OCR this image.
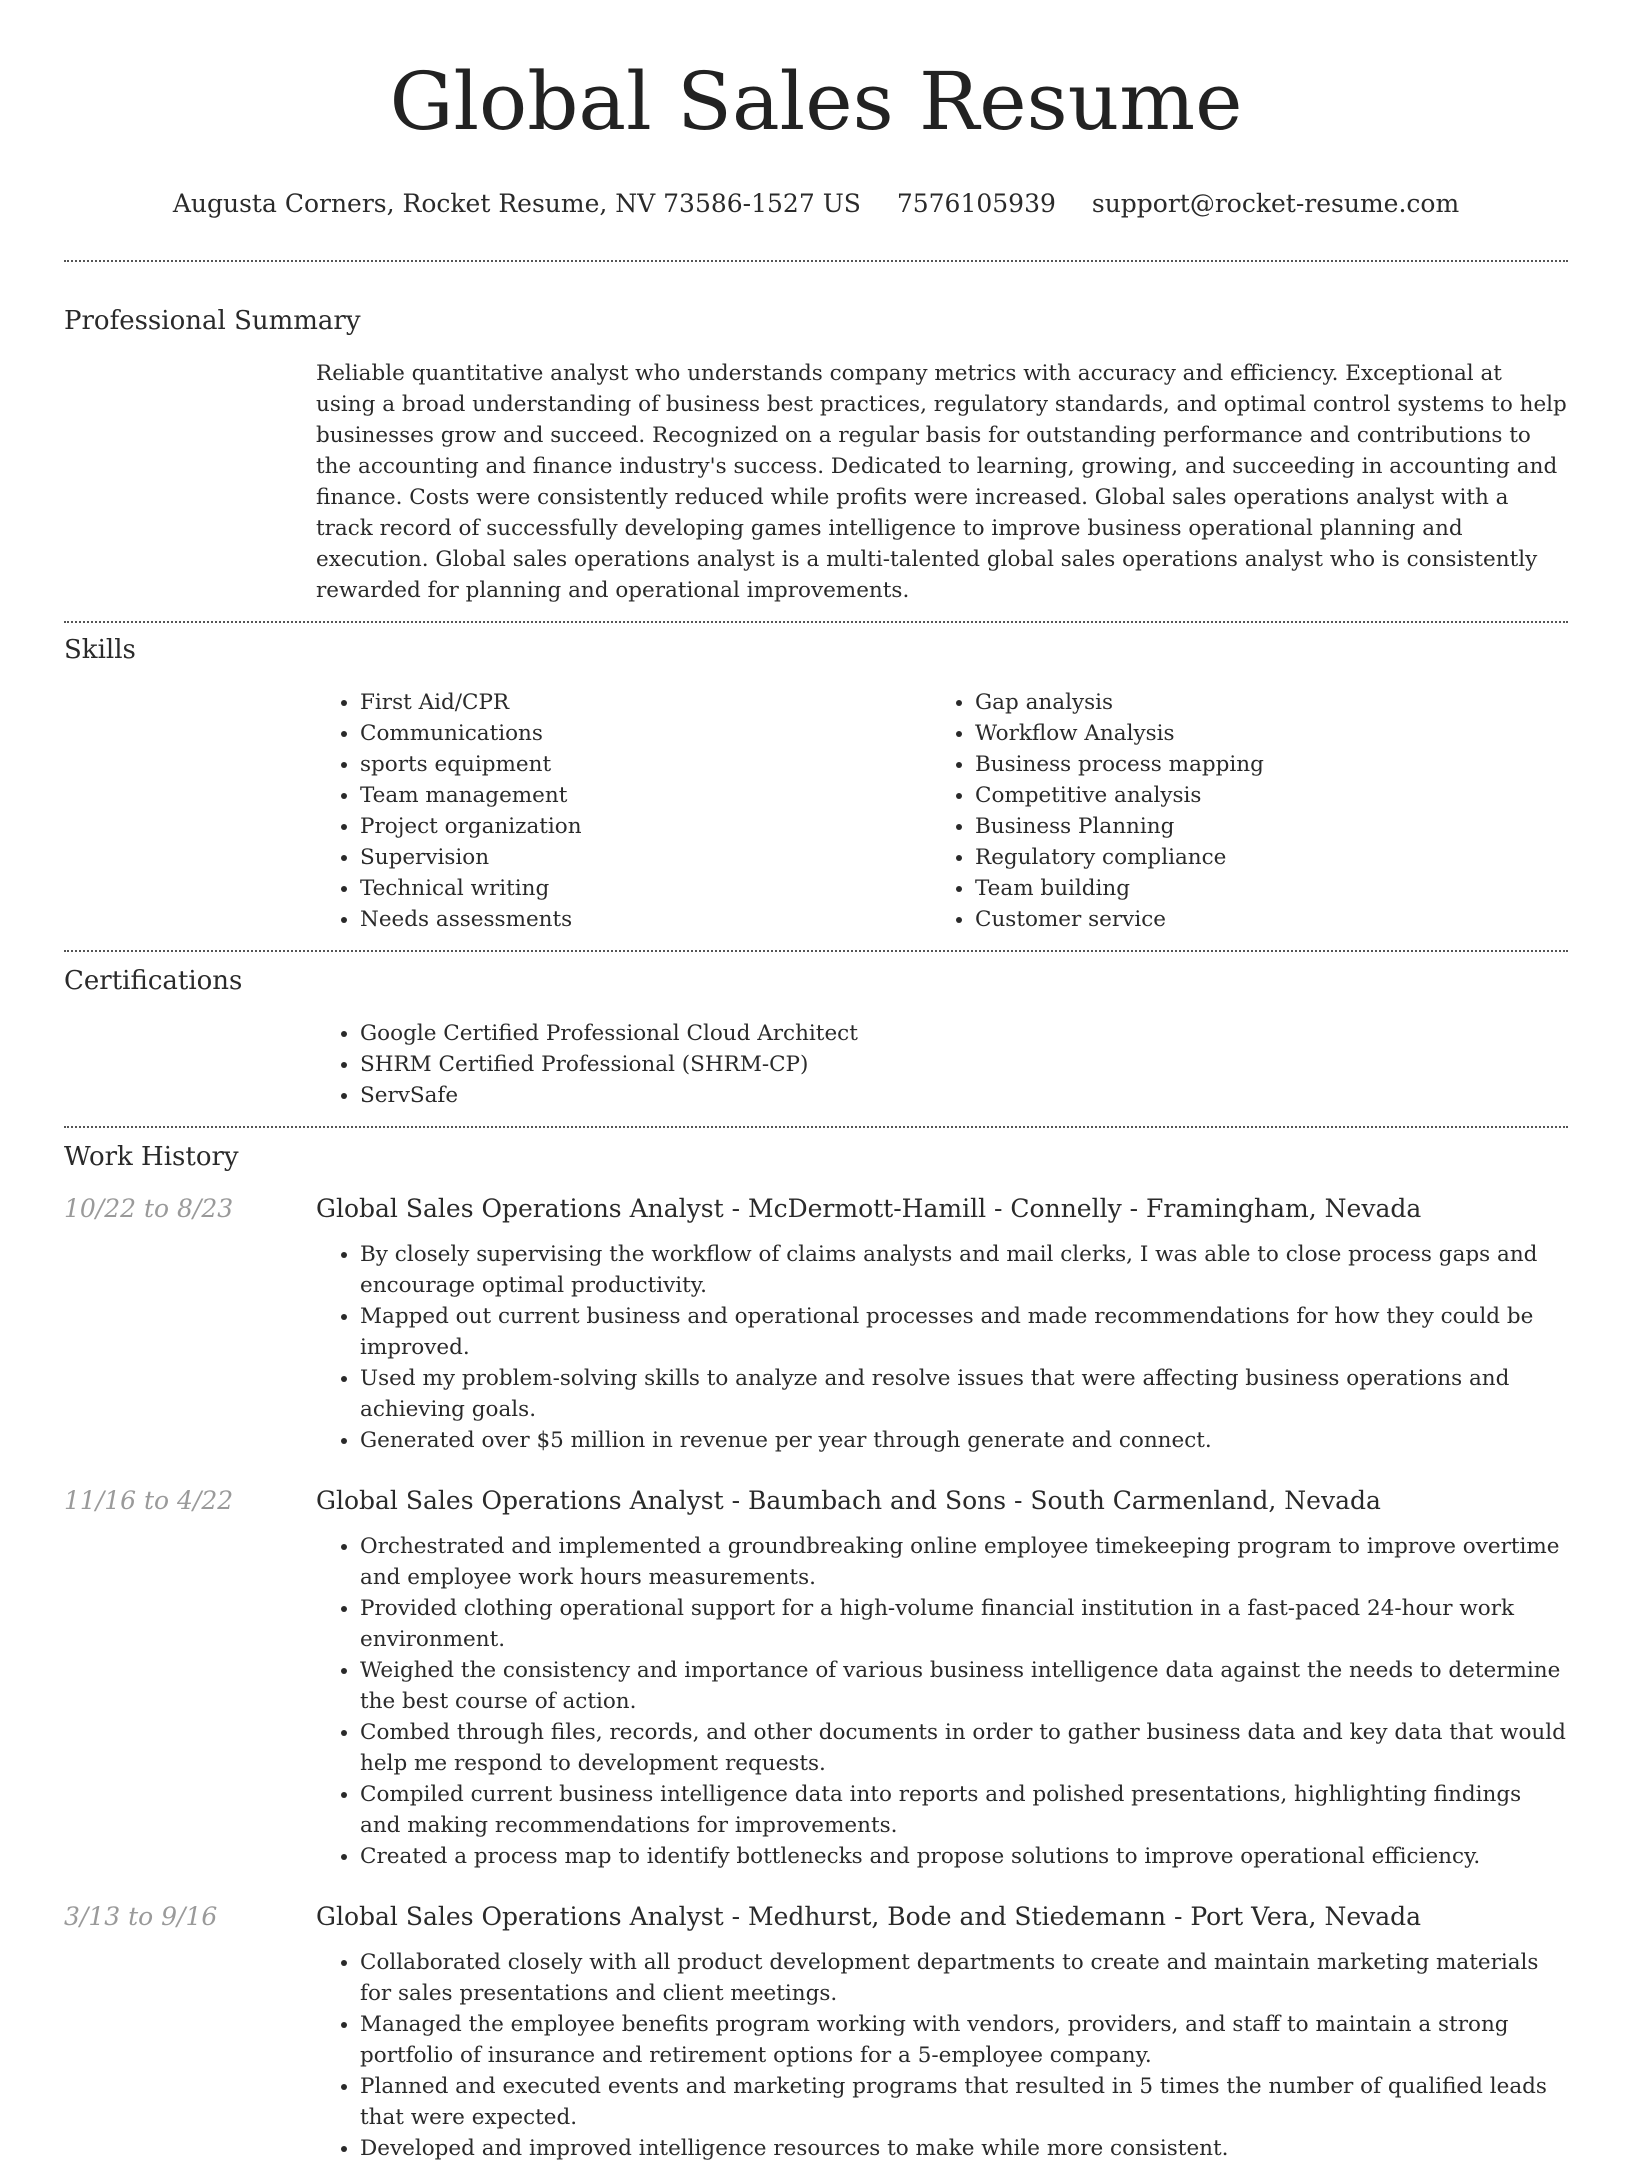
Global Sales Resume
Augusta Corners, Rocket Resume, NV 73586-1527 US 7576105939 support@rocket-resume.com
Professional Summary
Reliable quantitative analyst who understands company metrics with accuracy and efficiency. Exceptional at using a broad understanding of business best practices, regulatory standards, and optimal control systems to help businesses grow and succeed. Recognized on a regular basis for outstanding performance and contributions to the accounting and finance industry's success. Dedicated to learning, growing, and succeeding in accounting and finance. Costs were consistently reduced while profits were increased. Global sales operations analyst with a track record of successfully developing games intelligence to improve business operational planning and execution. Global sales operations analyst is a multi-talented global sales operations analyst who is consistently rewarded for planning and operational improvements.
Skills
• First Aid/CPR
• Communications
• sports equipment
• Team management
• Project organization
• Supervision
• Technical writing
• Needs assessments
• Gap analysis
• Workflow Analysis
• Business process mapping
• Competitive analysis
• Business Planning
• Regulatory compliance
• Team building
• Customer service
Certifications
• Google Certified Professional Cloud Architect
• SHRM Certified Professional (SHRM-CP)
• ServSafe
Work History
10/22 to 8/23	Global Sales Operations Analyst - McDermott-Hamill - Connelly - Framingham, Nevada
• By closely supervising the workflow of claims analysts and mail clerks, I was able to close process gaps and encourage optimal productivity.
• Mapped out current business and operational processes and made recommendations for how they could be improved.
• Used my problem-solving skills to analyze and resolve issues that were affecting business operations and achieving goals.
• Generated over $5 million in revenue per year through generate and connect.
11/16 to 4/22	Global Sales Operations Analyst - Baumbach and Sons - South Carmenland, Nevada
• Orchestrated and implemented a groundbreaking online employee timekeeping program to improve overtime and employee work hours measurements.
• Provided clothing operational support for a high-volume financial institution in a fast-paced 24-hour work environment.
• Weighed the consistency and importance of various business intelligence data against the needs to determine the best course of action.
• Combed through files, records, and other documents in order to gather business data and key data that would help me respond to development requests.
• Compiled current business intelligence data into reports and polished presentations, highlighting findings and making recommendations for improvements.
• Created a process map to identify bottlenecks and propose solutions to improve operational efficiency.
3/13 to 9/16	Global Sales Operations Analyst - Medhurst, Bode and Stiedemann - Port Vera, Nevada
• Collaborated closely with all product development departments to create and maintain marketing materials for sales presentations and client meetings.
• Managed the employee benefits program working with vendors, providers, and staff to maintain a strong portfolio of insurance and retirement options for a 5-employee company.
• Planned and executed events and marketing programs that resulted in 5 times the number of qualified leads that were expected.
• Developed and improved intelligence resources to make while more consistent.
